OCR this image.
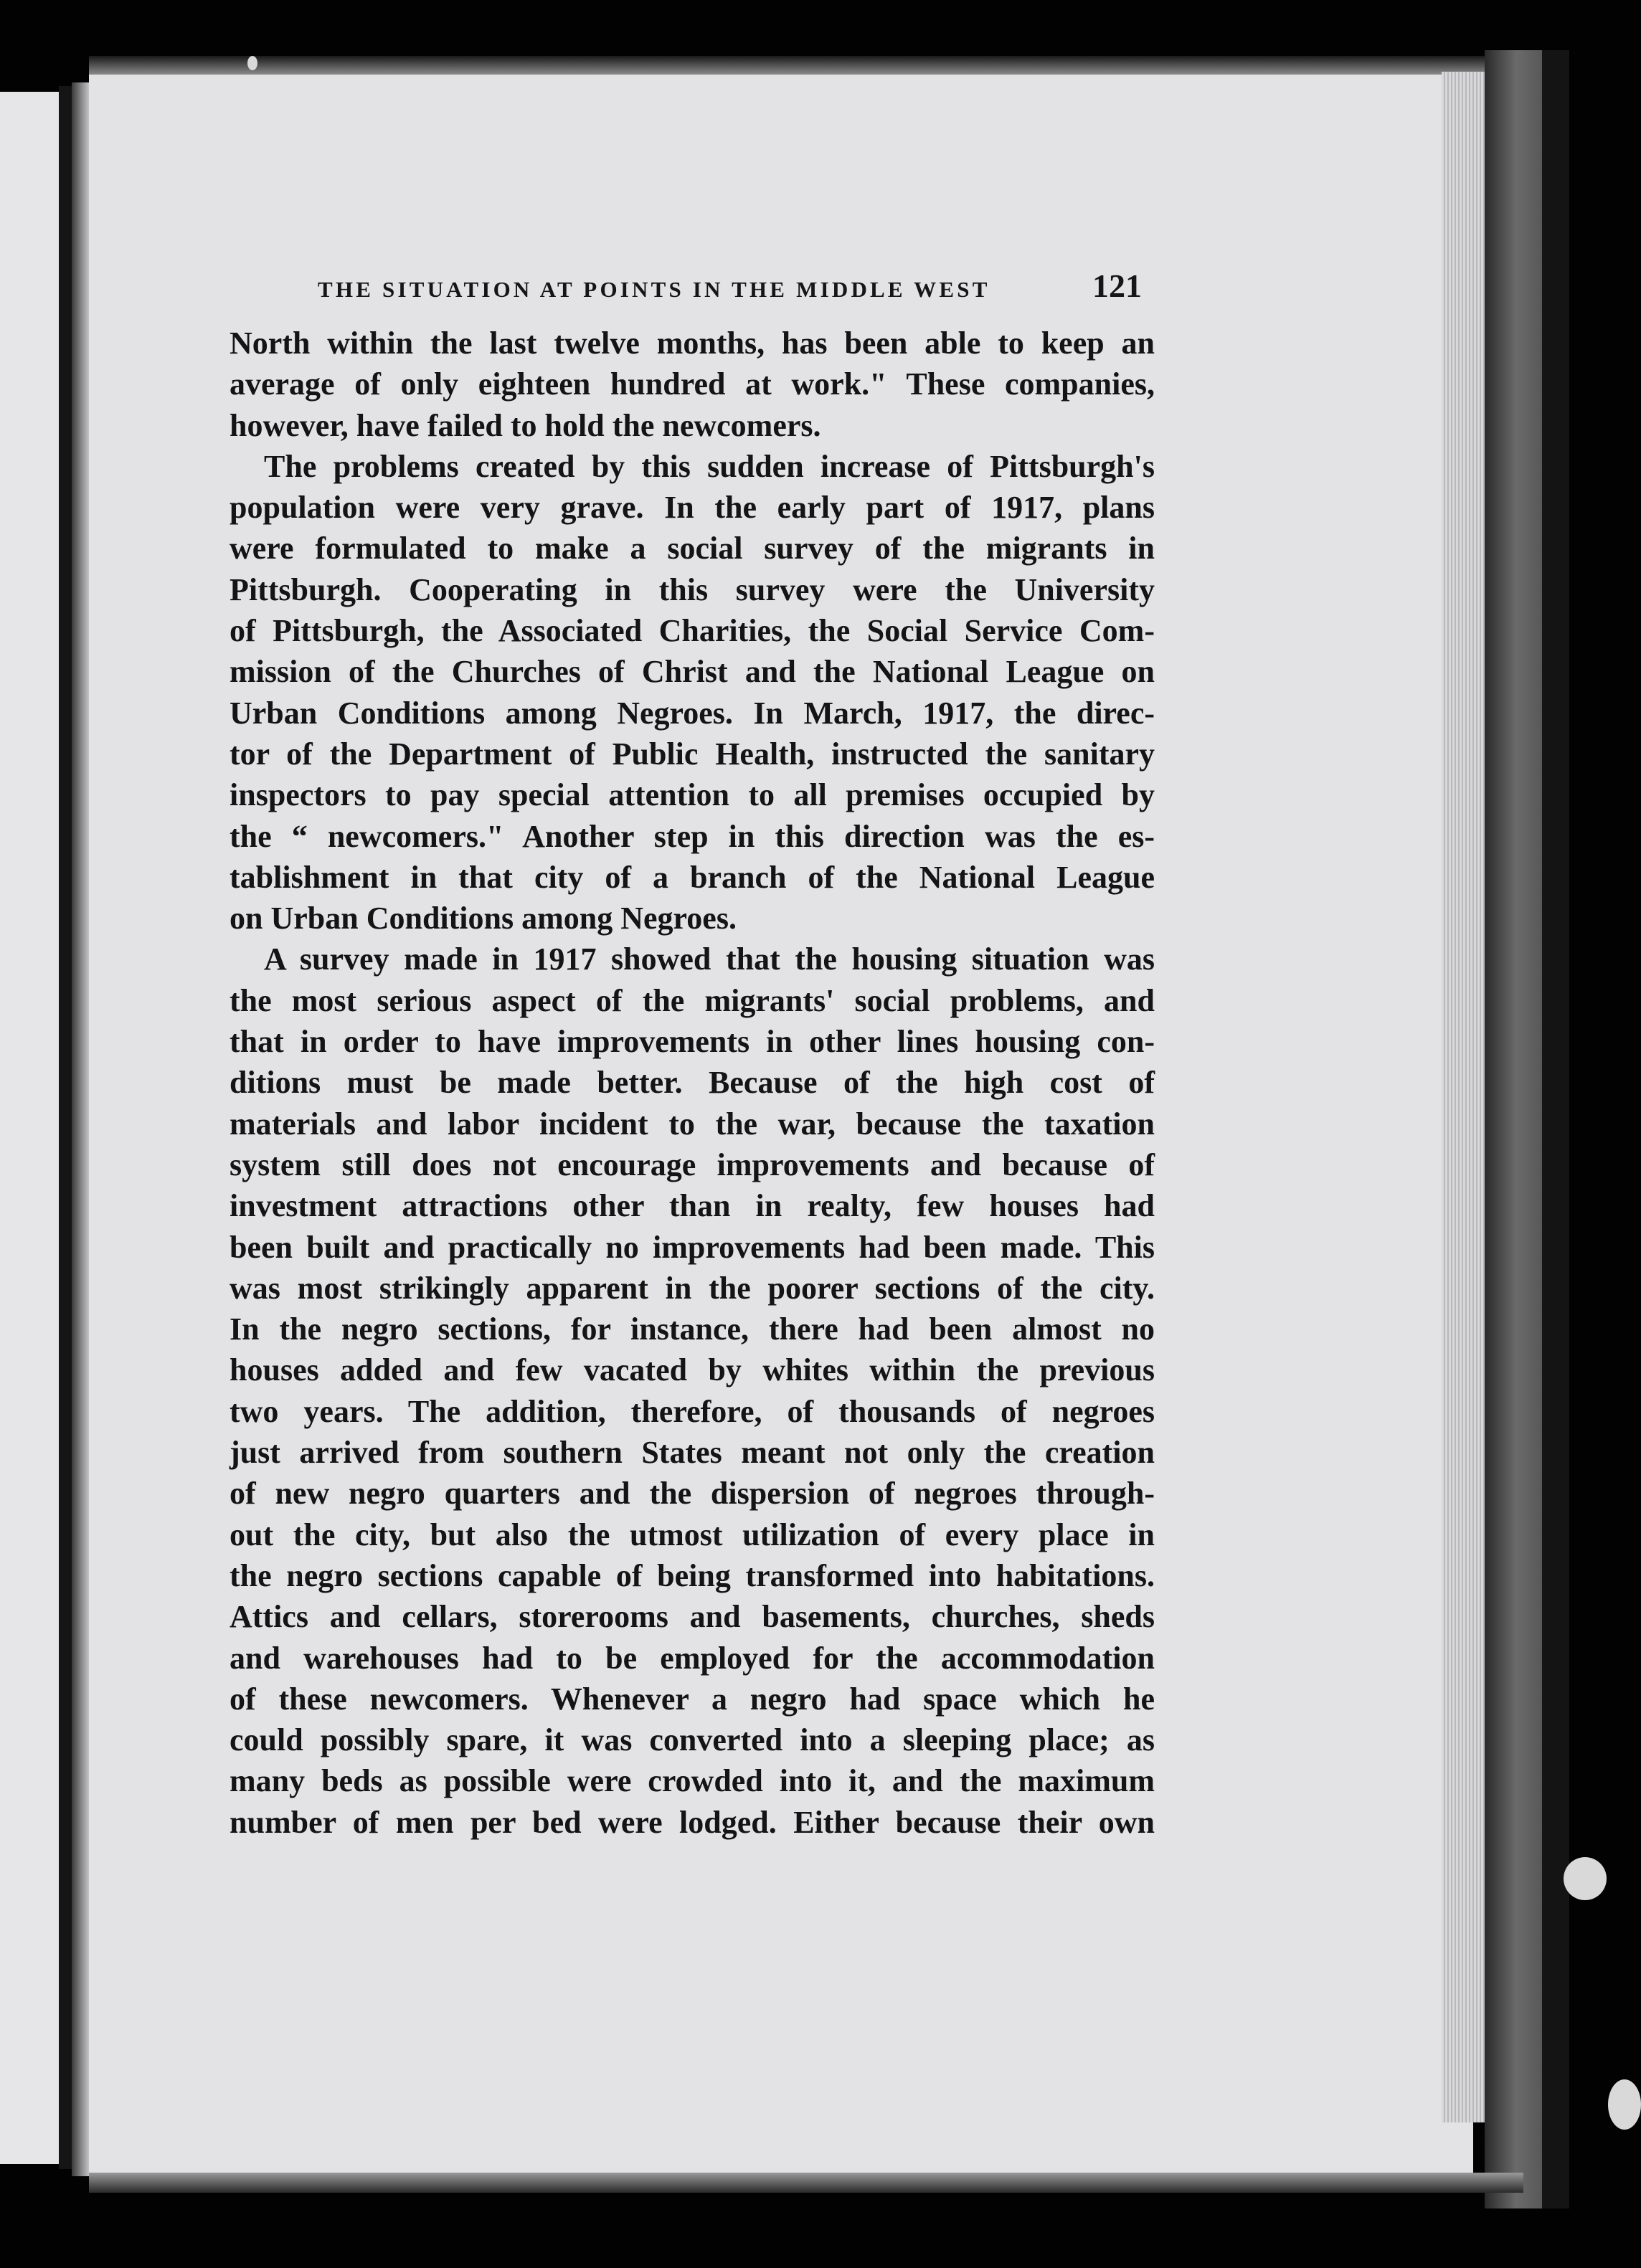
THE SITUATION AT POINTS IN THE MIDDLE WEST	121
North within the last twelve months, has been able to keep an
average of only eighteen hundred at work." These companies,
however, have failed to hold the newcomers.
The problems created by this sudden increase of Pittsburgh's
population were very grave. In the early part of 1917, plans
were formulated to make a social survey of the migrants in
Pittsburgh. Cooperating in this survey were the University
of Pittsburgh, the Associated Charities, the Social Service Com-
mission of the Churches of Christ and the National League on
Urban Conditions among Negroes. In March, 1917, the direc-
tor of the Department of Public Health, instructed the sanitary
inspectors to pay special attention to all premises occupied by
the “ newcomers." Another step in this direction was the es-
tablishment in that city of a branch of the National League
on Urban Conditions among Negroes.
A survey made in 1917 showed that the housing situation was
the most serious aspect of the migrants' social problems, and
that in order to have improvements in other lines housing con-
ditions must be made better. Because of the high cost of
materials and labor incident to the war, because the taxation
system still does not encourage improvements and because of
investment attractions other than in realty, few houses had
been built and practically no improvements had been made. This
was most strikingly apparent in the poorer sections of the city.
In the negro sections, for instance, there had been almost no
houses added and few vacated by whites within the previous
two years. The addition, therefore, of thousands of negroes
just arrived from southern States meant not only the creation
of new negro quarters and the dispersion of negroes through-
out the city, but also the utmost utilization of every place in
the negro sections capable of being transformed into habitations.
Attics and cellars, storerooms and basements, churches, sheds
and warehouses had to be employed for the accommodation
of these newcomers. Whenever a negro had space which he
could possibly spare, it was converted into a sleeping place; as
many beds as possible were crowded into it, and the maximum
number of men per bed were lodged. Either because their own
